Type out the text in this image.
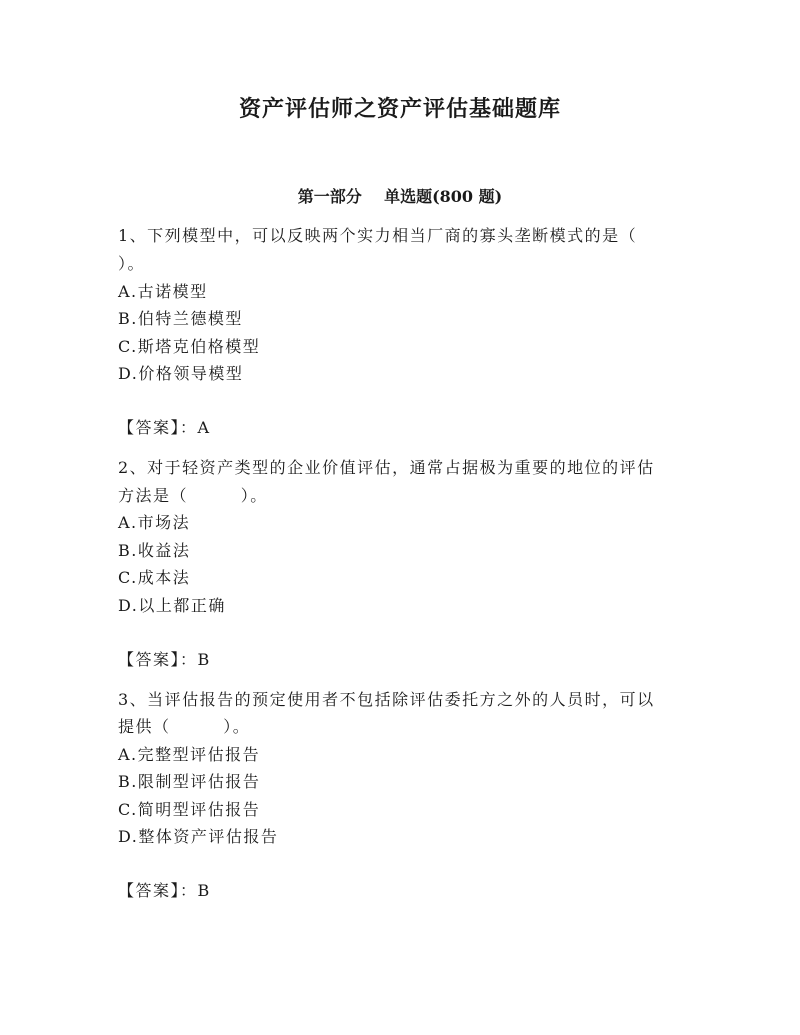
资产评估师之资产评估基础题库
第一部分    单选题(800 题)
1、下列模型中，可以反映两个实力相当厂商的寡头垄断模式的是（
）。
A.古诺模型
B.伯特兰德模型
C.斯塔克伯格模型
D.价格领导模型
【答案】：A
2、对于轻资产类型的企业价值评估，通常占据极为重要的地位的评估
方法是（        ）。
A.市场法
B.收益法
C.成本法
D.以上都正确
【答案】：B
3、当评估报告的预定使用者不包括除评估委托方之外的人员时，可以
提供（        ）。
A.完整型评估报告
B.限制型评估报告
C.简明型评估报告
D.整体资产评估报告
【答案】：B
